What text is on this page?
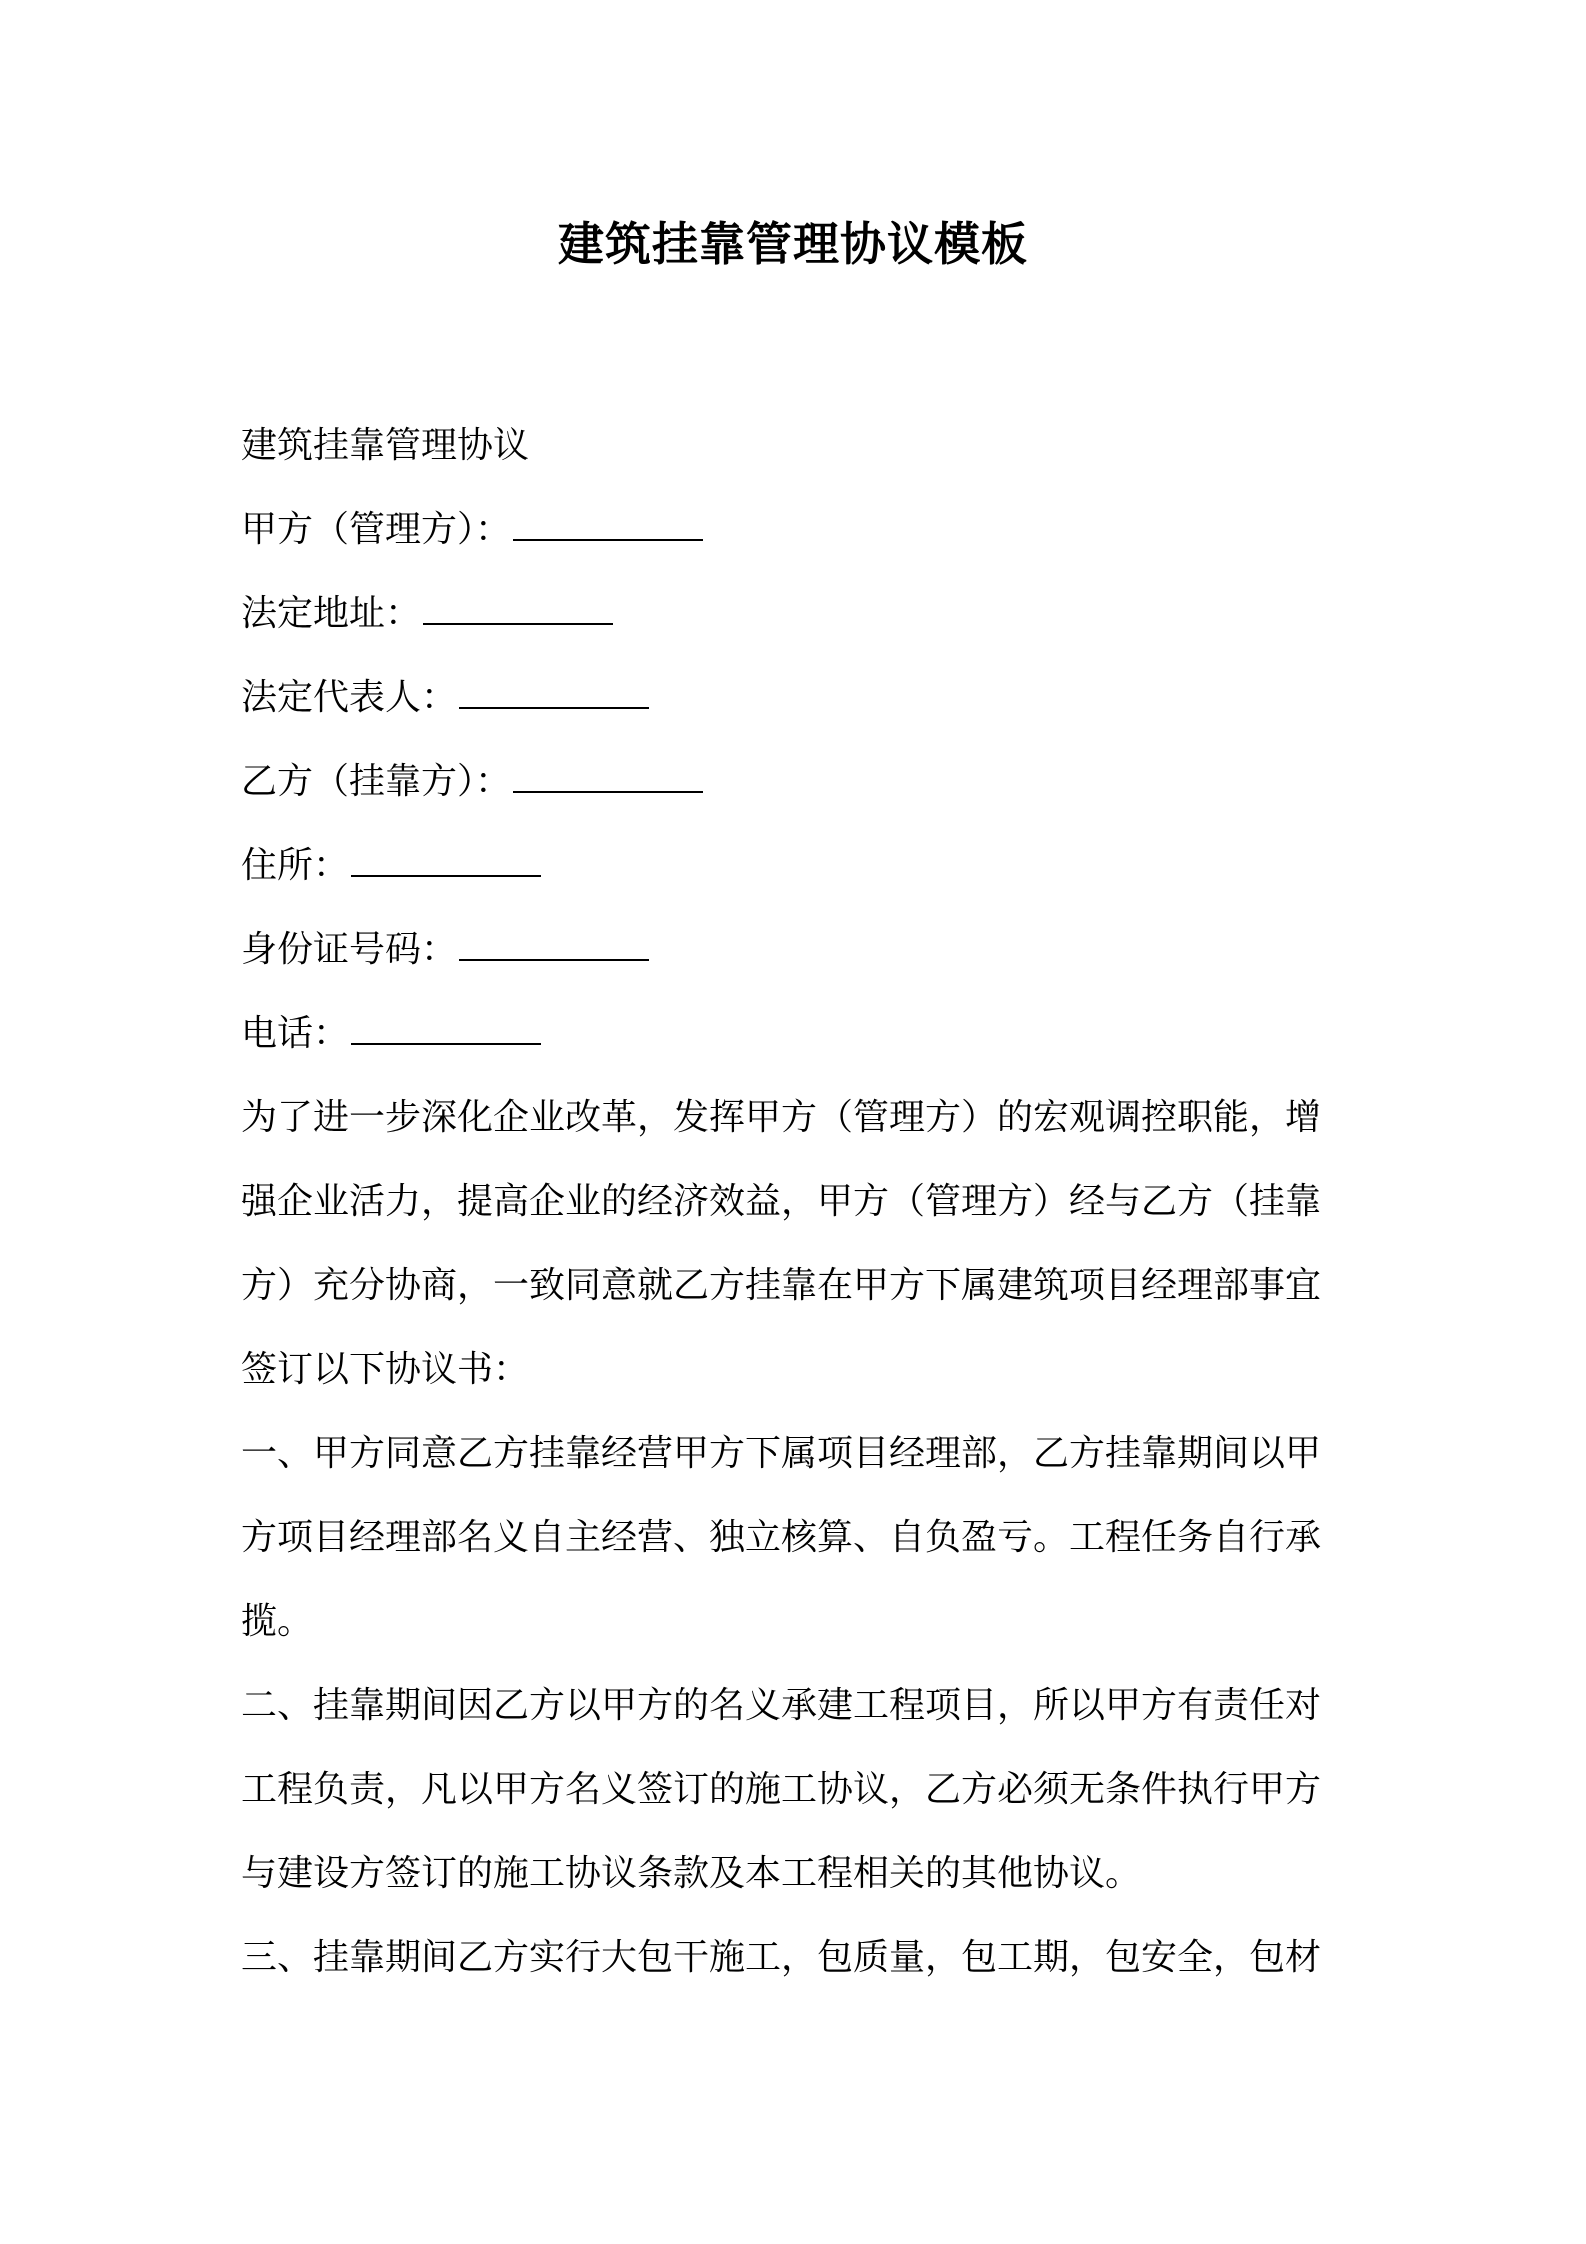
建筑挂靠管理协议模板
建筑挂靠管理协议
甲方（管理方）：
法定地址：
法定代表人：
乙方（挂靠方）：
住所：
身份证号码：
电话：
为了进一步深化企业改革，发挥甲方（管理方）的宏观调控职能，增
强企业活力，提高企业的经济效益，甲方（管理方）经与乙方（挂靠
方）充分协商，一致同意就乙方挂靠在甲方下属建筑项目经理部事宜
签订以下协议书：
一、甲方同意乙方挂靠经营甲方下属项目经理部，乙方挂靠期间以甲
方项目经理部名义自主经营、独立核算、自负盈亏。工程任务自行承
揽。
二、挂靠期间因乙方以甲方的名义承建工程项目，所以甲方有责任对
工程负责，凡以甲方名义签订的施工协议，乙方必须无条件执行甲方
与建设方签订的施工协议条款及本工程相关的其他协议。
三、挂靠期间乙方实行大包干施工，包质量，包工期，包安全，包材
